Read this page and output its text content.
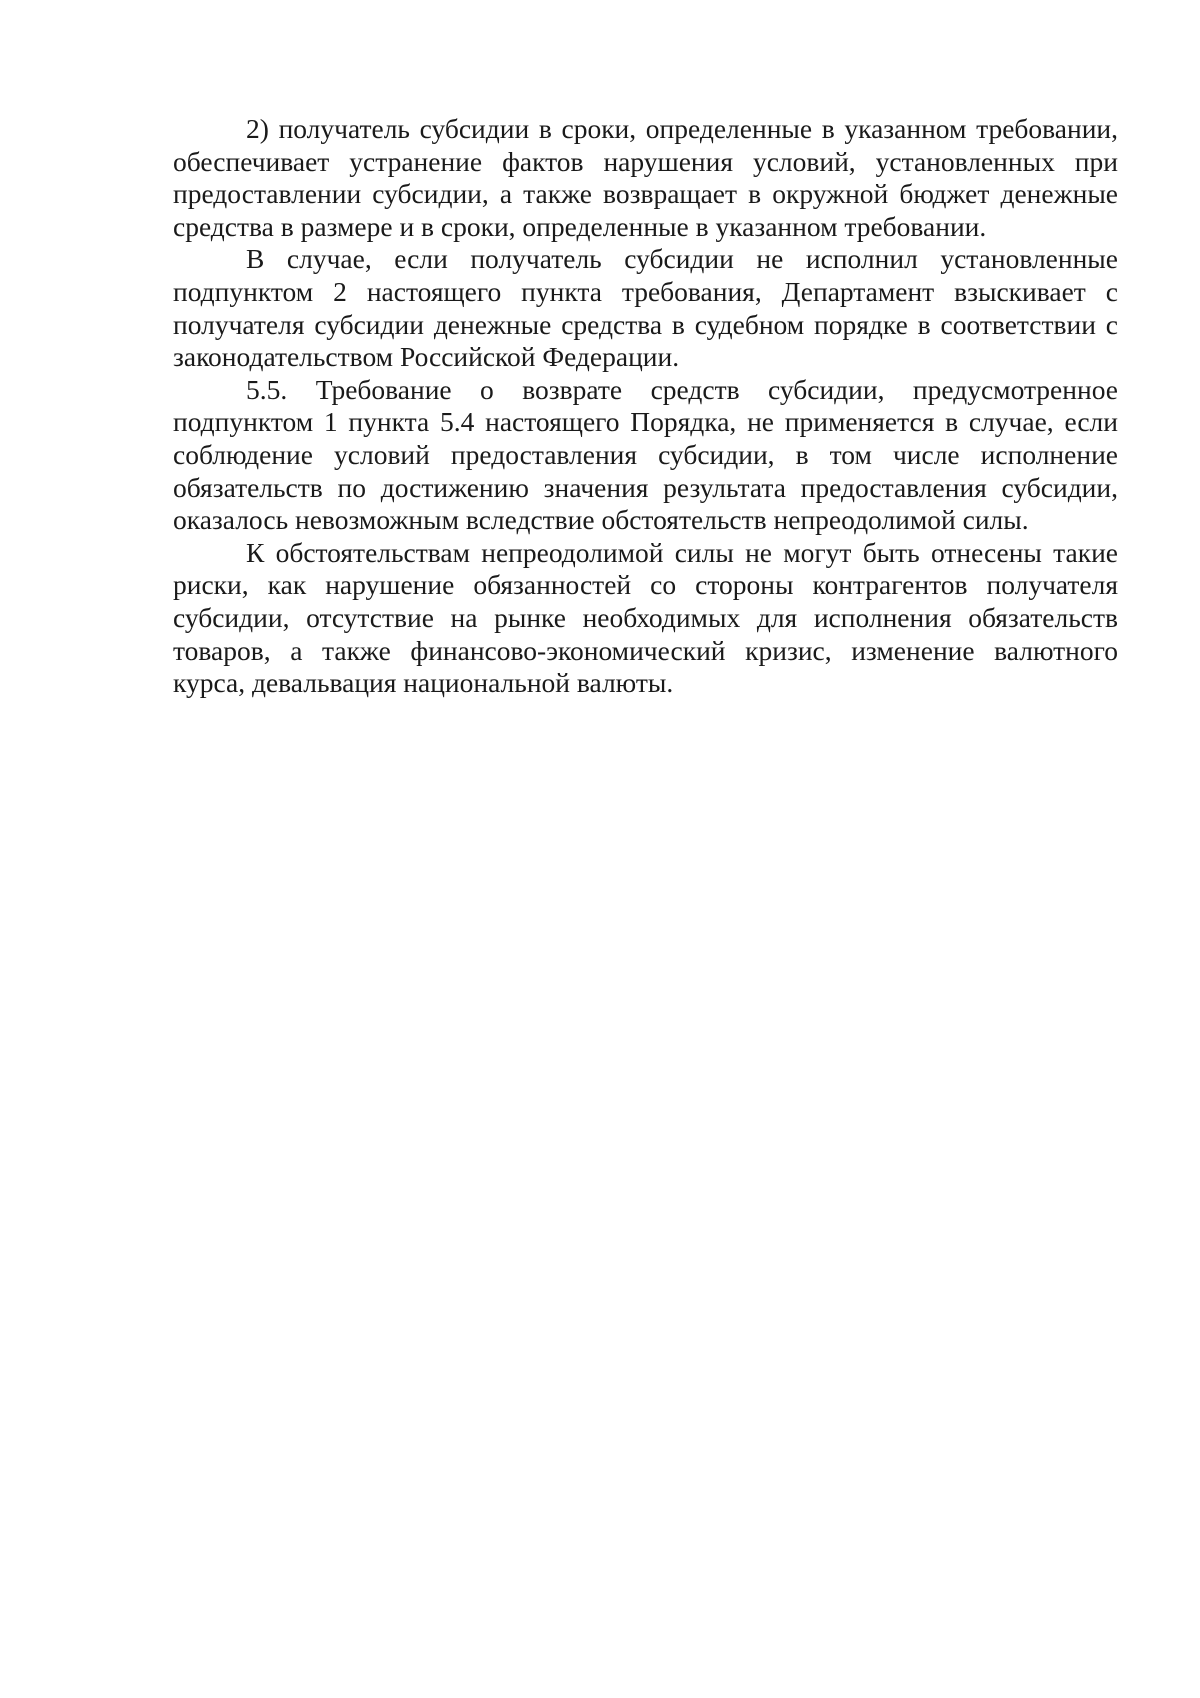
2) получатель субсидии в сроки, определенные в указанном требовании, обеспечивает устранение фактов нарушения условий, установленных при предоставлении субсидии, а также возвращает в окружной бюджет денежные средства в размере и в сроки, определенные в указанном требовании.

В случае, если получатель субсидии не исполнил установленные подпунктом 2 настоящего пункта требования, Департамент взыскивает с получателя субсидии денежные средства в судебном порядке в соответствии с законодательством Российской Федерации.

5.5. Требование о возврате средств субсидии, предусмотренное подпунктом 1 пункта 5.4 настоящего Порядка, не применяется в случае, если соблюдение условий предоставления субсидии, в том числе исполнение обязательств по достижению значения результата предоставления субсидии, оказалось невозможным вследствие обстоятельств непреодолимой силы.

К обстоятельствам непреодолимой силы не могут быть отнесены такие риски, как нарушение обязанностей со стороны контрагентов получателя субсидии, отсутствие на рынке необходимых для исполнения обязательств товаров, а также финансово-экономический кризис, изменение валютного курса, девальвация национальной валюты.
